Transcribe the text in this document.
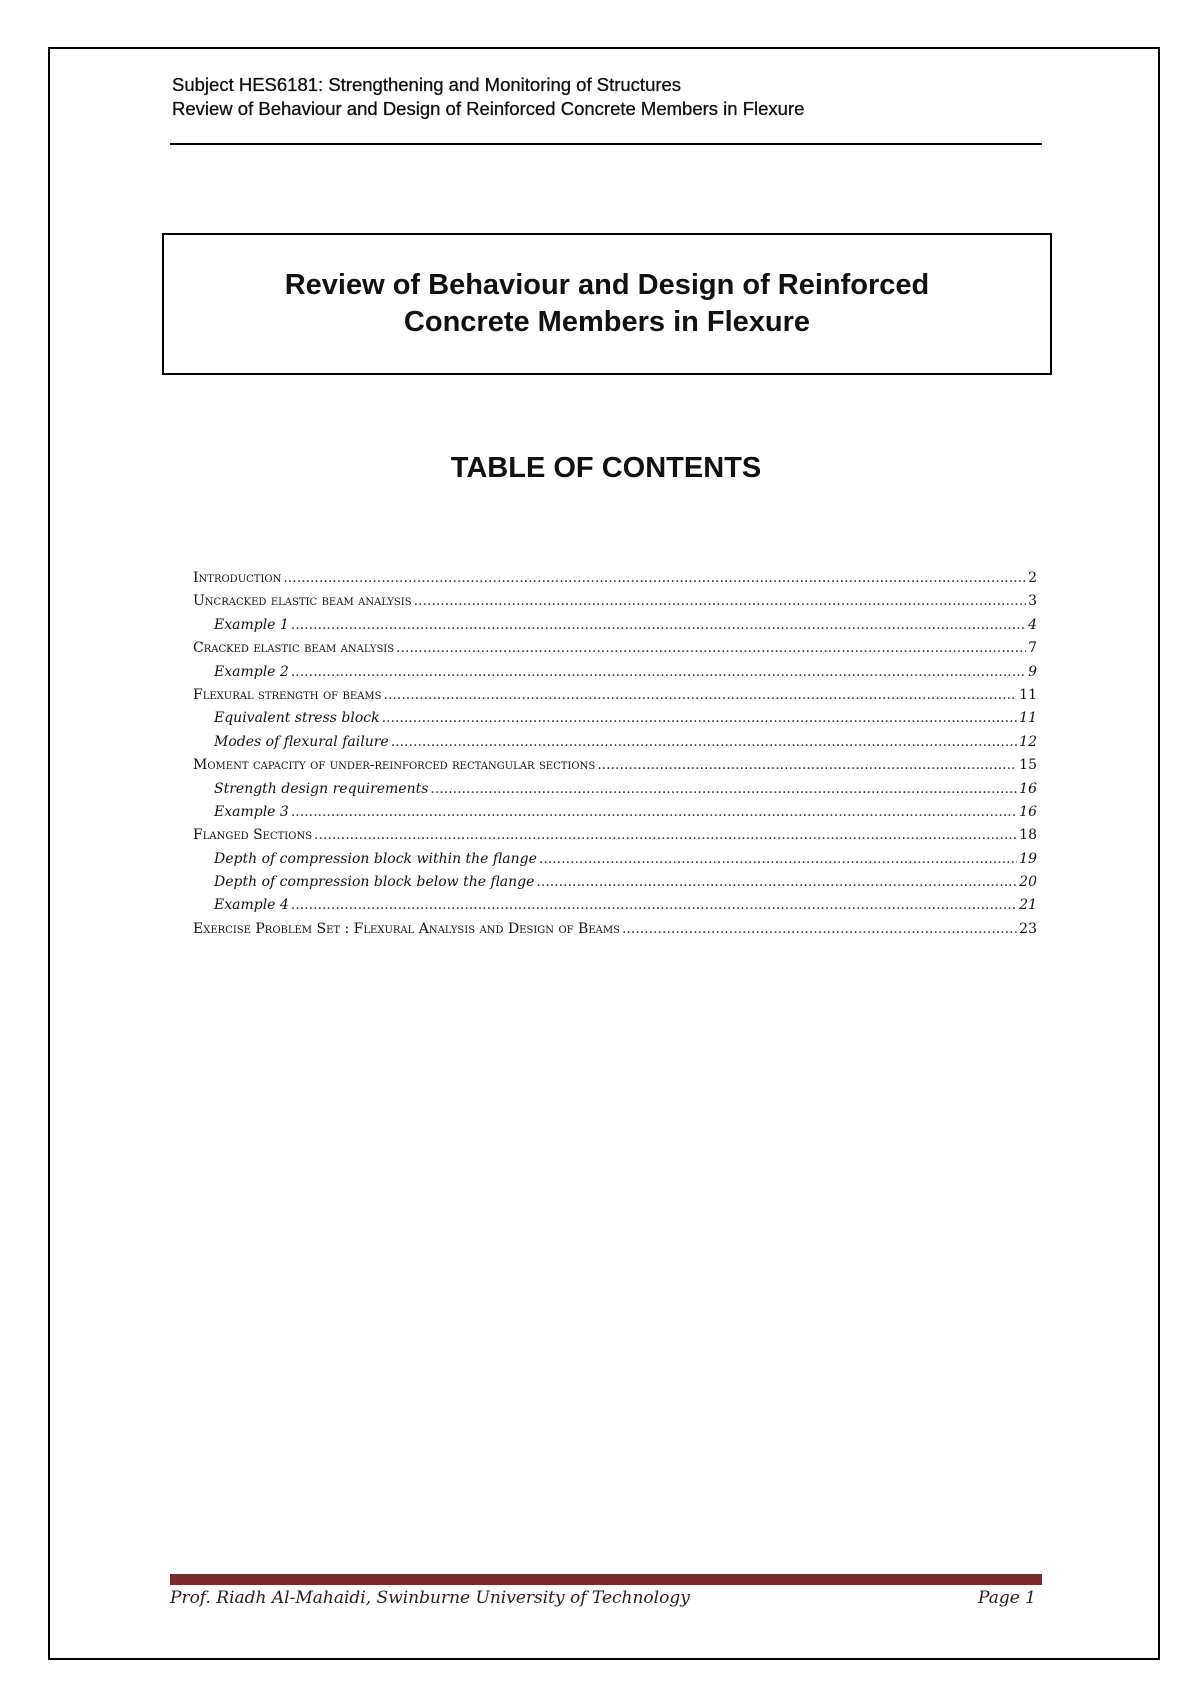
Subject HES6181: Strengthening and Monitoring of Structures
Review of Behaviour and Design of Reinforced Concrete Members in Flexure
Review of Behaviour and Design of Reinforced
Concrete Members in Flexure
TABLE OF CONTENTS
Introduction .....	2
Uncracked elastic beam analysis .....	3
Example 1 .....	4
Cracked elastic beam analysis .....	7
Example 2 .....	9
Flexural strength of beams .....	11
Equivalent stress block .....	11
Modes of flexural failure .....	12
Moment capacity of under-reinforced rectangular sections .....	15
Strength design requirements .....	16
Example 3 .....	16
Flanged Sections .....	18
Depth of compression block within the flange .....	19
Depth of compression block below the flange .....	20
Example 4 .....	21
Exercise Problem Set : Flexural Analysis and Design of Beams .....	23
Prof. Riadh Al-Mahaidi, Swinburne University of Technology	Page 1
